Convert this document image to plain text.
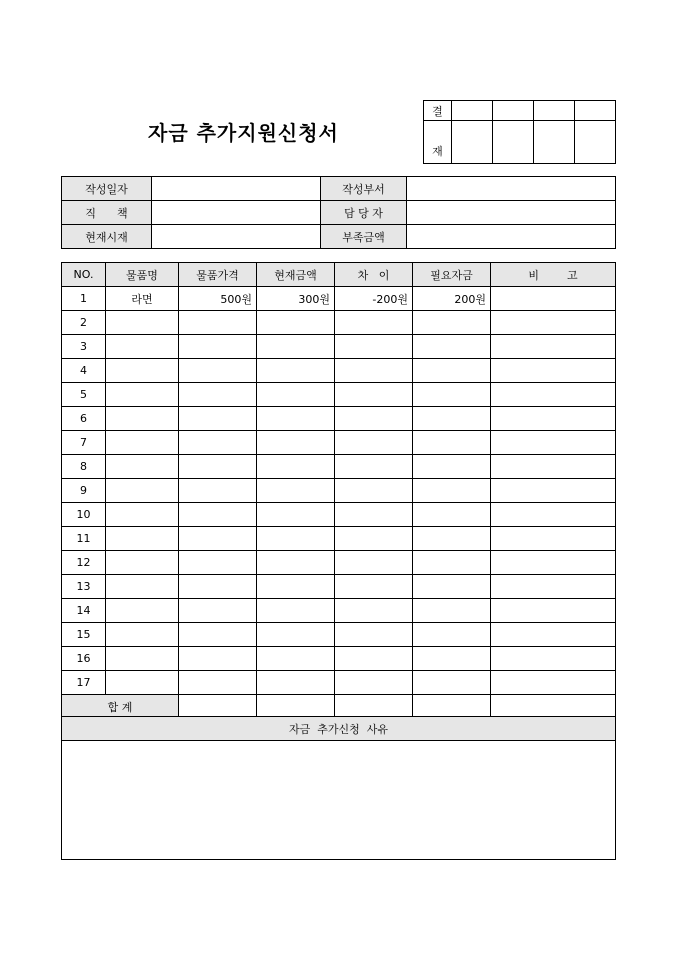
자금 추가지원신청서
결				
재				
작성일자		작성부서	
직      책		담 당 자	
현재시재		부족금액	
NO.	물품명	물품가격	현재금액	차   이	필요자금	비        고
1	라면	500원	300원	-200원	200원	
2						
3						
4						
5						
6						
7						
8						
9						
10						
11						
12						
13						
14						
15						
16						
17						
합 계						
자금  추가신청  사유
